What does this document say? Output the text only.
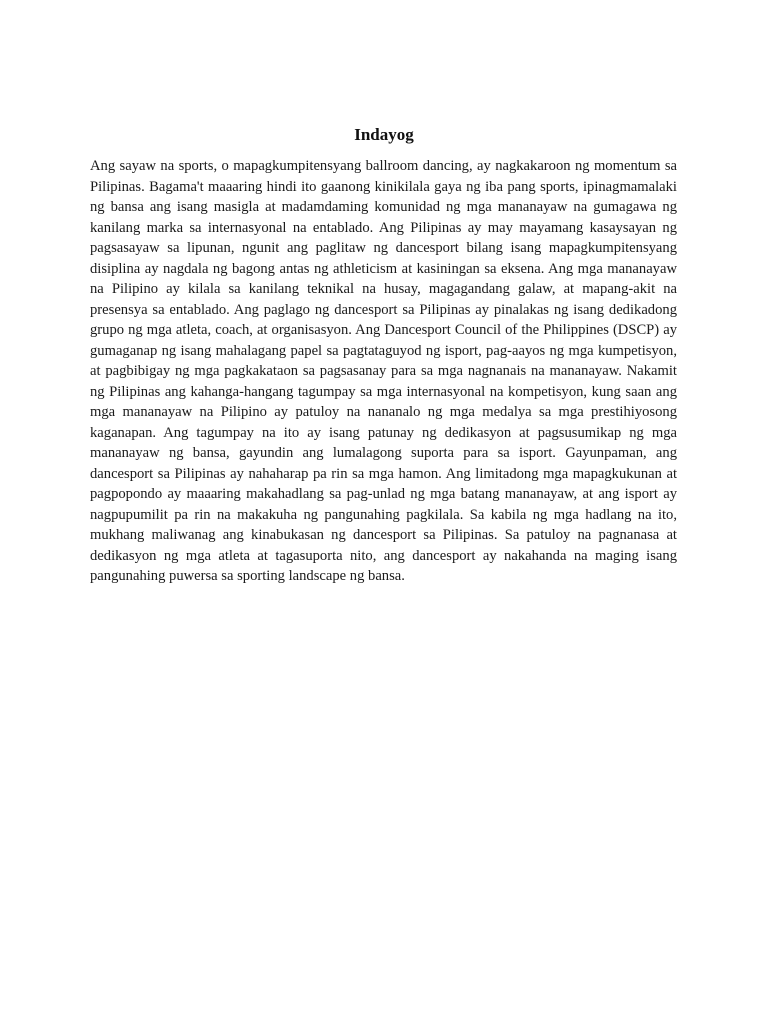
Indayog

Ang sayaw na sports, o mapagkumpitensyang ballroom dancing, ay nagkakaroon ng momentum sa Pilipinas. Bagama't maaaring hindi ito gaanong kinikilala gaya ng iba pang sports, ipinagmamalaki ng bansa ang isang masigla at madamdaming komunidad ng mga mananayaw na gumagawa ng kanilang marka sa internasyonal na entablado. Ang Pilipinas ay may mayamang kasaysayan ng pagsasayaw sa lipunan, ngunit ang paglitaw ng dancesport bilang isang mapagkumpitensyang disiplina ay nagdala ng bagong antas ng athleticism at kasiningan sa eksena. Ang mga mananayaw na Pilipino ay kilala sa kanilang teknikal na husay, magagandang galaw, at mapang-akit na presensya sa entablado. Ang paglago ng dancesport sa Pilipinas ay pinalakas ng isang dedikadong grupo ng mga atleta, coach, at organisasyon. Ang Dancesport Council of the Philippines (DSCP) ay gumaganap ng isang mahalagang papel sa pagtataguyod ng isport, pag-aayos ng mga kumpetisyon, at pagbibigay ng mga pagkakataon sa pagsasanay para sa mga nagnanais na mananayaw. Nakamit ng Pilipinas ang kahanga-hangang tagumpay sa mga internasyonal na kompetisyon, kung saan ang mga mananayaw na Pilipino ay patuloy na nananalo ng mga medalya sa mga prestihiyosong kaganapan. Ang tagumpay na ito ay isang patunay ng dedikasyon at pagsusumikap ng mga mananayaw ng bansa, gayundin ang lumalagong suporta para sa isport. Gayunpaman, ang dancesport sa Pilipinas ay nahaharap pa rin sa mga hamon. Ang limitadong mga mapagkukunan at pagpopondo ay maaaring makahadlang sa pag-unlad ng mga batang mananayaw, at ang isport ay nagpupumilit pa rin na makakuha ng pangunahing pagkilala. Sa kabila ng mga hadlang na ito, mukhang maliwanag ang kinabukasan ng dancesport sa Pilipinas. Sa patuloy na pagnanasa at dedikasyon ng mga atleta at tagasuporta nito, ang dancesport ay nakahanda na maging isang pangunahing puwersa sa sporting landscape ng bansa.
